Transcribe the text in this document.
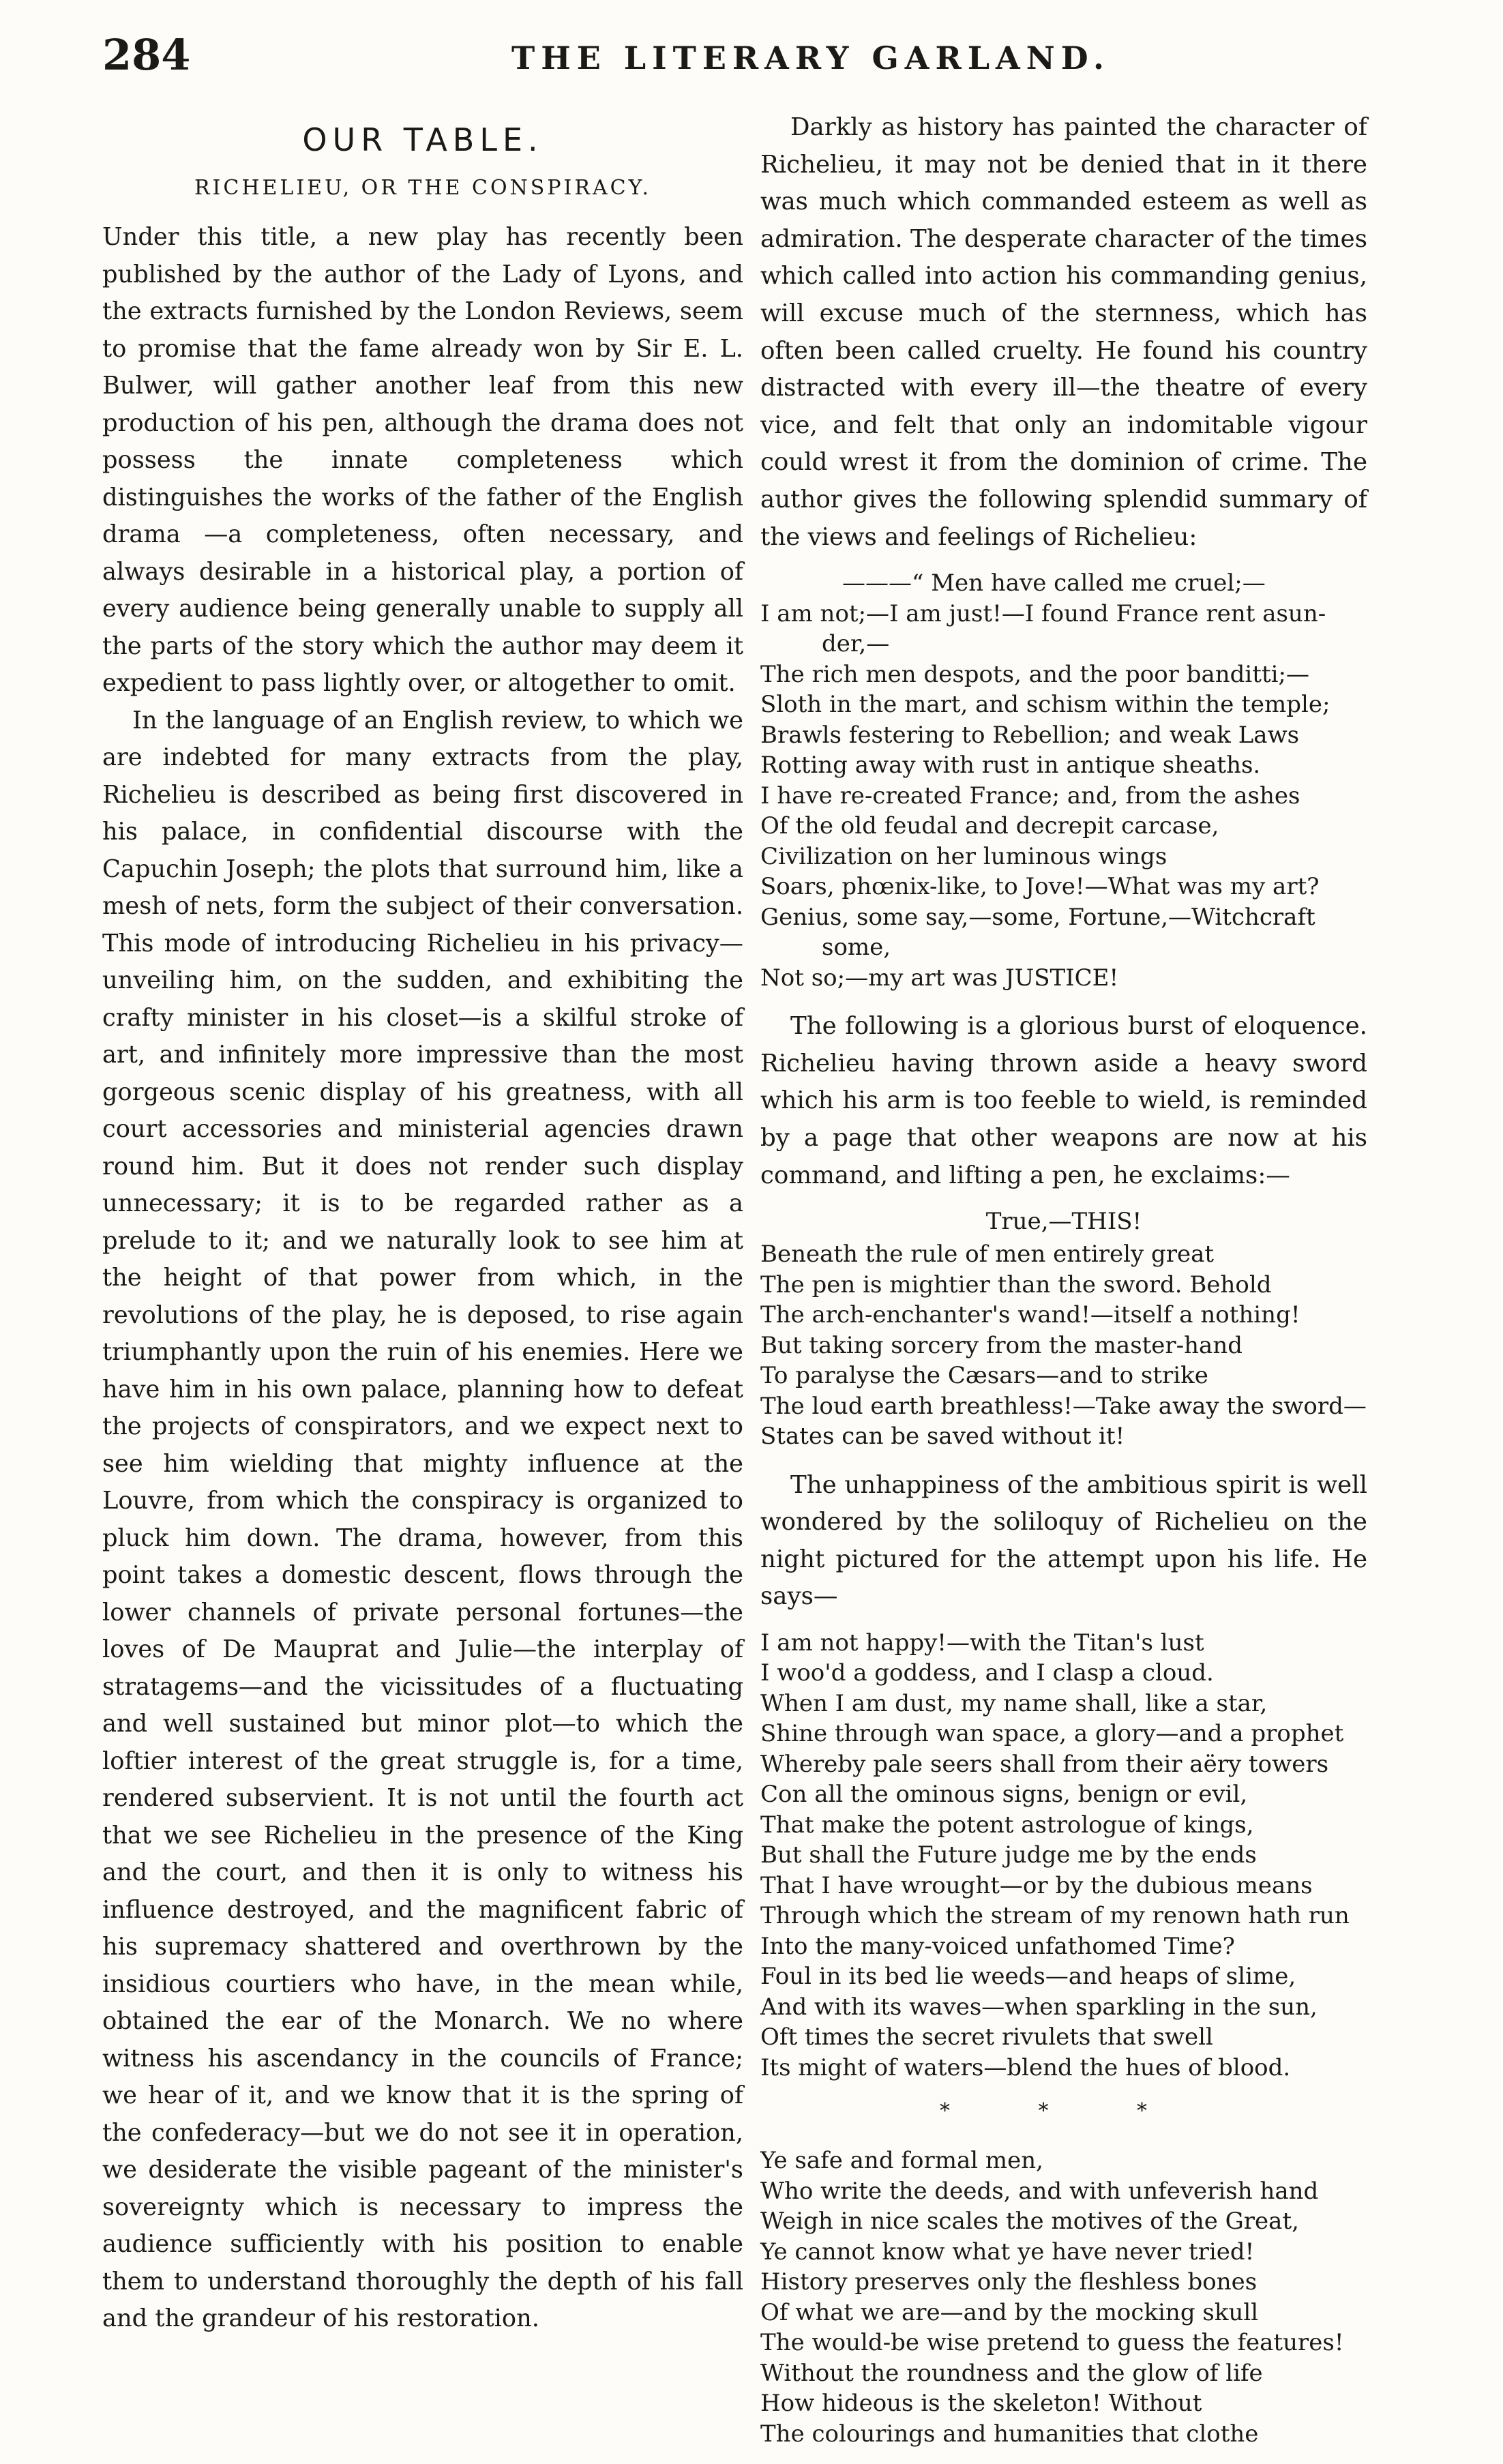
284	THE LITERARY GARLAND.
OUR TABLE.
RICHELIEU, OR THE CONSPIRACY.

Under this title, a new play has recently been published by the author of the Lady of Lyons, and the extracts furnished by the London Reviews, seem to promise that the fame already won by Sir E. L. Bulwer, will gather another leaf from this new production of his pen, although the drama does not possess the innate completeness which distinguishes the works of the father of the English drama —a completeness, often necessary, and always desirable in a historical play, a portion of every audience being generally unable to supply all the parts of the story which the author may deem it expedient to pass lightly over, or altogether to omit.

In the language of an English review, to which we are indebted for many extracts from the play, Richelieu is described as being first discovered in his palace, in confidential discourse with the Capuchin Joseph; the plots that surround him, like a mesh of nets, form the subject of their conversation. This mode of introducing Richelieu in his privacy—unveiling him, on the sudden, and exhibiting the crafty minister in his closet—is a skilful stroke of art, and infinitely more impressive than the most gorgeous scenic display of his greatness, with all court accessories and ministerial agencies drawn round him. But it does not render such display unnecessary; it is to be regarded rather as a prelude to it; and we naturally look to see him at the height of that power from which, in the revolutions of the play, he is deposed, to rise again triumphantly upon the ruin of his enemies. Here we have him in his own palace, planning how to defeat the projects of conspirators, and we expect next to see him wielding that mighty influence at the Louvre, from which the conspiracy is organized to pluck him down. The drama, however, from this point takes a domestic descent, flows through the lower channels of private personal fortunes—the loves of De Mauprat and Julie—the interplay of stratagems—and the vicissitudes of a fluctuating and well sustained but minor plot—to which the loftier interest of the great struggle is, for a time, rendered subservient. It is not until the fourth act that we see Richelieu in the presence of the King and the court, and then it is only to witness his influence destroyed, and the magnificent fabric of his supremacy shattered and overthrown by the insidious courtiers who have, in the mean while, obtained the ear of the Monarch. We no where witness his ascendancy in the councils of France; we hear of it, and we know that it is the spring of the confederacy—but we do not see it in operation, we desiderate the visible pageant of the minister's sovereignty which is necessary to impress the audience sufficiently with his position to enable them to understand thoroughly the depth of his fall and the grandeur of his restoration.

Darkly as history has painted the character of Richelieu, it may not be denied that in it there was much which commanded esteem as well as admiration. The desperate character of the times which called into action his commanding genius, will excuse much of the sternness, which has often been called cruelty. He found his country distracted with every ill—the theatre of every vice, and felt that only an indomitable vigour could wrest it from the dominion of crime. The author gives the following splendid summary of the views and feelings of Richelieu:

———“ Men have called me cruel;—
I am not;—I am just!—I found France rent asun-
der,—
The rich men despots, and the poor banditti;—
Sloth in the mart, and schism within the temple;
Brawls festering to Rebellion; and weak Laws
Rotting away with rust in antique sheaths.
I have re-created France; and, from the ashes
Of the old feudal and decrepit carcase,
Civilization on her luminous wings
Soars, phœnix-like, to Jove!—What was my art?
Genius, some say,—some, Fortune,—Witchcraft
some,
Not so;—my art was JUSTICE!

The following is a glorious burst of eloquence. Richelieu having thrown aside a heavy sword which his arm is too feeble to wield, is reminded by a page that other weapons are now at his command, and lifting a pen, he exclaims:—

True,—THIS!
Beneath the rule of men entirely great
The pen is mightier than the sword. Behold
The arch-enchanter's wand!—itself a nothing!
But taking sorcery from the master-hand
To paralyse the Cæsars—and to strike
The loud earth breathless!—Take away the sword—
States can be saved without it!

The unhappiness of the ambitious spirit is well wondered by the soliloquy of Richelieu on the night pictured for the attempt upon his life. He says—

I am not happy!—with the Titan's lust
I woo'd a goddess, and I clasp a cloud.
When I am dust, my name shall, like a star,
Shine through wan space, a glory—and a prophet
Whereby pale seers shall from their aëry towers
Con all the ominous signs, benign or evil,
That make the potent astrologue of kings,
But shall the Future judge me by the ends
That I have wrought—or by the dubious means
Through which the stream of my renown hath run
Into the many-voiced unfathomed Time?
Foul in its bed lie weeds—and heaps of slime,
And with its waves—when sparkling in the sun,
Oft times the secret rivulets that swell
Its might of waters—blend the hues of blood.
* * *
Ye safe and formal men,
Who write the deeds, and with unfeverish hand
Weigh in nice scales the motives of the Great,
Ye cannot know what ye have never tried!
History preserves only the fleshless bones
Of what we are—and by the mocking skull
The would-be wise pretend to guess the features!
Without the roundness and the glow of life
How hideous is the skeleton! Without
The colourings and humanities that clothe
